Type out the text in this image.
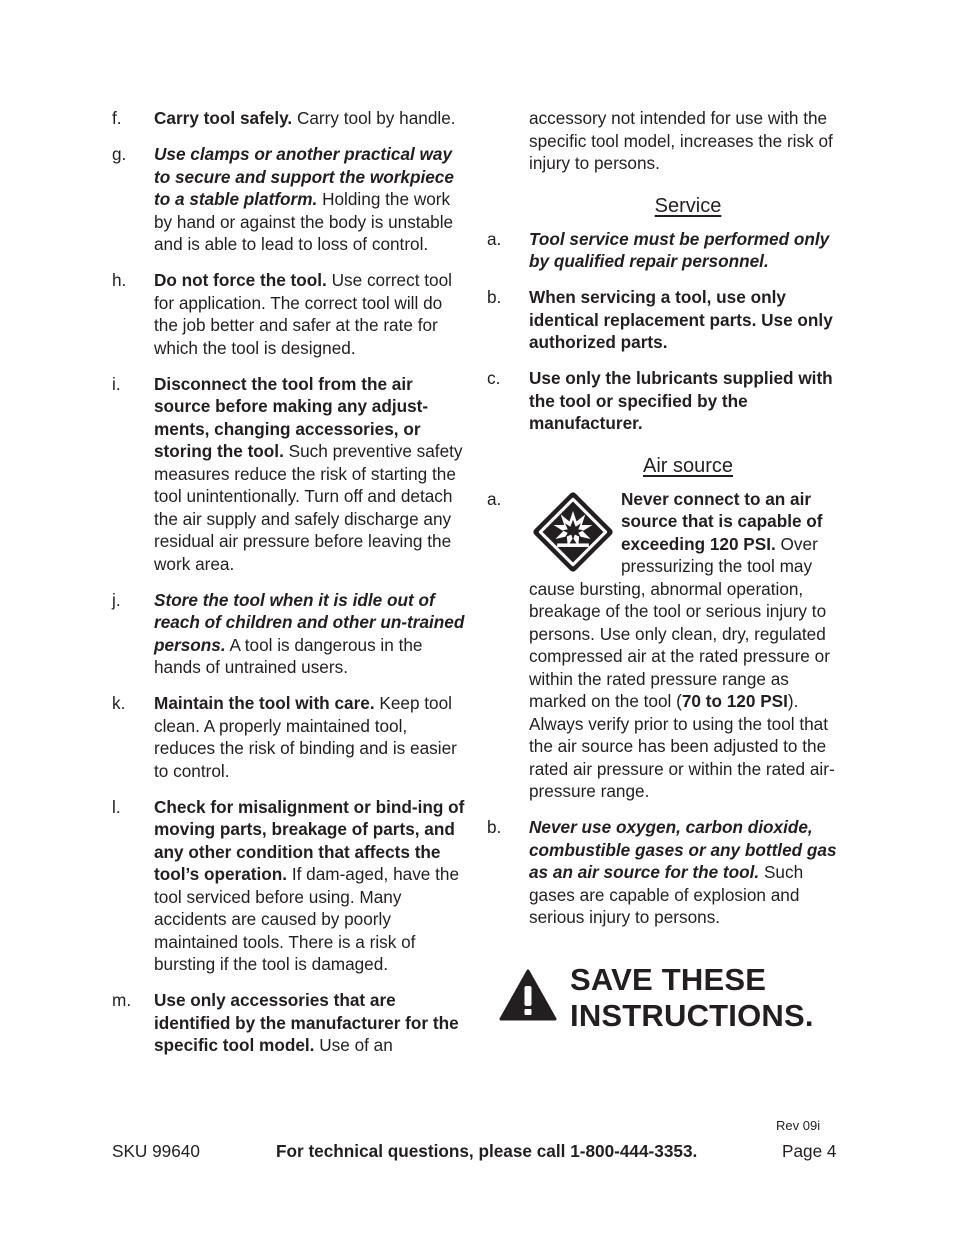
f. Carry tool safely. Carry tool by handle.
g. Use clamps or another practical way to secure and support the workpiece to a stable platform. Holding the work by hand or against the body is unstable and is able to lead to loss of control.
h. Do not force the tool. Use correct tool for application. The correct tool will do the job better and safer at the rate for which the tool is designed.
i. Disconnect the tool from the air source before making any adjust-ments, changing accessories, or storing the tool. Such preventive safety measures reduce the risk of starting the tool unintentionally. Turn off and detach the air supply and safely discharge any residual air pressure before leaving the work area.
j. Store the tool when it is idle out of reach of children and other un-trained persons. A tool is dangerous in the hands of untrained users.
k. Maintain the tool with care. Keep tool clean. A properly maintained tool, reduces the risk of binding and is easier to control.
l. Check for misalignment or bind-ing of moving parts, breakage of parts, and any other condition that affects the tool’s operation. If dam-aged, have the tool serviced before using. Many accidents are caused by poorly maintained tools. There is a risk of bursting if the tool is damaged.
m. Use only accessories that are identified by the manufacturer for the specific tool model. Use of an
accessory not intended for use with the specific tool model, increases the risk of injury to persons.
Service
a. Tool service must be performed only by qualified repair personnel.
b. When servicing a tool, use only identical replacement parts. Use only authorized parts.
c. Use only the lubricants supplied with the tool or specified by the manufacturer.
Air source
a.	Never connect to an air source that is capable of exceeding 120 PSI. Over pressurizing the tool may cause bursting, abnormal operation, breakage of the tool or serious injury to persons. Use only clean, dry, regulated compressed air at the rated pressure or within the rated pressure range as marked on the tool (70 to 120 PSI). Always verify prior to using the tool that the air source has been adjusted to the rated air pressure or within the rated air-pressure range.
b. Never use oxygen, carbon dioxide, combustible gases or any bottled gas as an air source for the tool. Such gases are capable of explosion and serious injury to persons.
SAVE THESE
INSTRUCTIONS.
Rev 09i
SKU 99640	For technical questions, please call 1-800-444-3353.	Page 4
